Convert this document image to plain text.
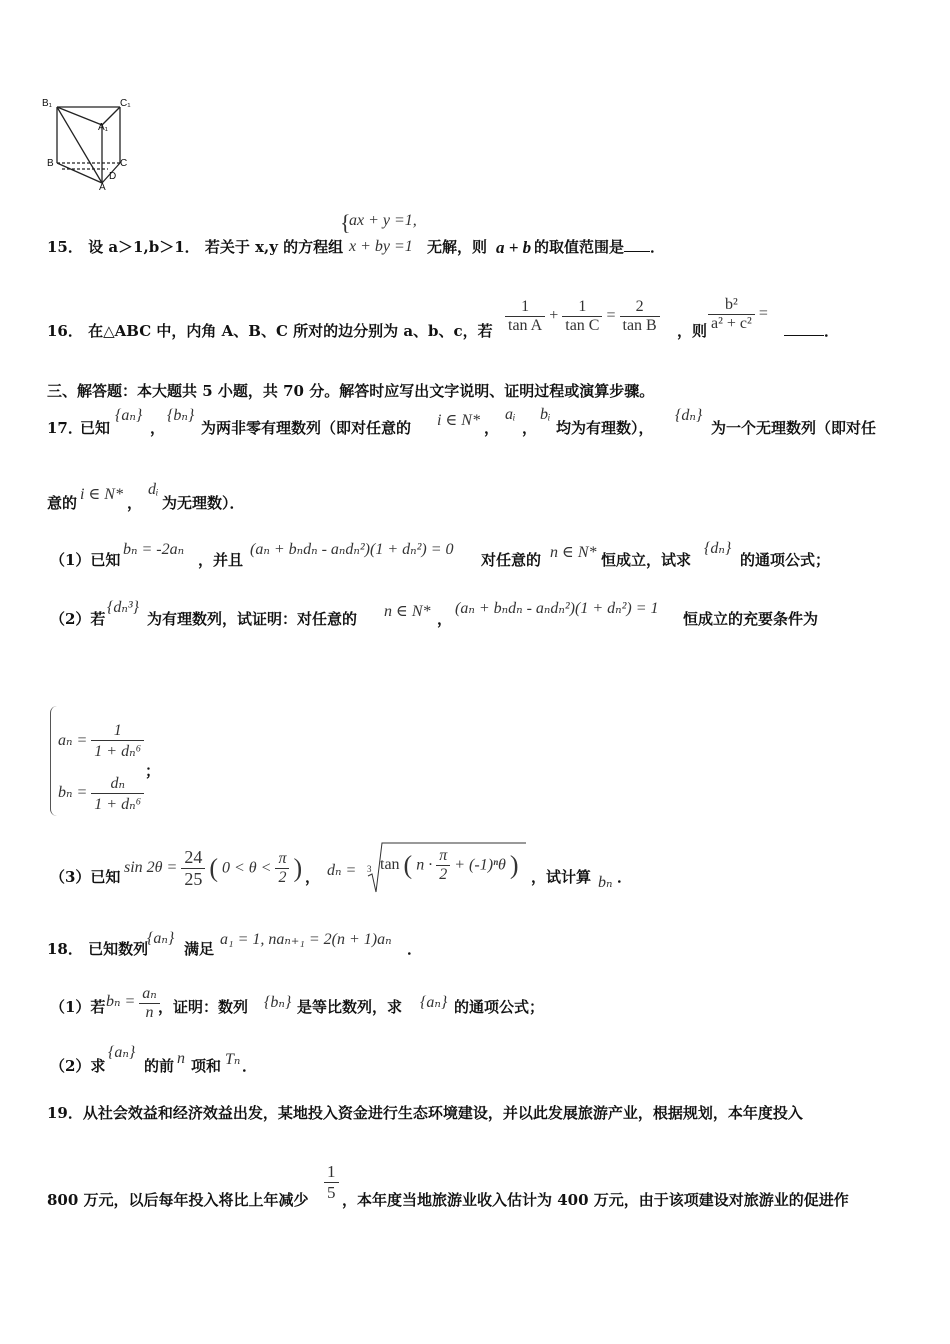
B₁	C₁
A₁
B	C
D
A
15． 设 a＞1,b＞1． 若关于 x,y 的方程组
{
ax + y =1,
x + by =1 无解，则 a + b 的取值范围是 ．
16． 在△ABC 中，内角 A、B、C 所对的边分别为 a、b、c，若 $\frac{1}{\text{tan A}} + \frac{1}{\text{tan C}} = \frac{2}{\text{tan B}}$ ，则 $\frac{\text{b²}}{\text{a² + c²}}$ =
．
三、解答题：本大题共 5 小题，共 70 分。解答时应写出文字说明、证明过程或演算步骤。
17．
已知
{aₙ}
，
{bₙ}
为两非零有理数列（即对任意的 i ∈ N* ，
aᵢ
，
bᵢ
均为有理数），
{dₙ}
为一个无理数列（即对任
意的 i ∈ N* ，
dᵢ
为无理数）．
（1）已知
bₙ = -2aₙ
，并且
(aₙ + bₙdₙ - aₙdₙ²)(1 + dₙ²) = 0
对任意的 n ∈ N* 恒成立，试求
{dₙ}
的通项公式；
（2）若
{dₙ³}
为有理数列，试证明：对任意的 n ∈ N* ，
(aₙ + bₙdₙ - aₙdₙ²)(1 + dₙ²) = 1
恒成立的充要条件为
$a_n = \frac{1}{\text{1 + dₙ⁶}}$
$b_n = \frac{\text{dₙ}}{\text{1 + dₙ⁶}}$
；
（3）已知
$\sin 2\theta = \frac{24}{25}$ ( $0 < \theta < \frac{\pi}{2}$ ) ， dₙ = 3 tan ( $n \cdot \frac{\pi}{2} + (-1)^n\theta$ ) ，试计算 bₙ ．
18． 已知数列
{aₙ}
满足
a₁ = 1, naₙ₊₁ = 2(n + 1)aₙ
．
（1）若 $b_n = \frac{\text{aₙ}}{n}$
，证明：数列 {bₙ} 是等比数列，求 {aₙ} 的通项公式；
（2）求
{aₙ}
的前 n 项和 Tₙ ．
19．从社会效益和经济效益出发，某地投入资金进行生态环境建设，并以此发展旅游产业，根据规划，本年度投入
800 万元，以后每年投入将比上年减少 $\frac{1}{5}$ ，本年度当地旅游业收入估计为 400 万元，由于该项建设对旅游业的促进作
